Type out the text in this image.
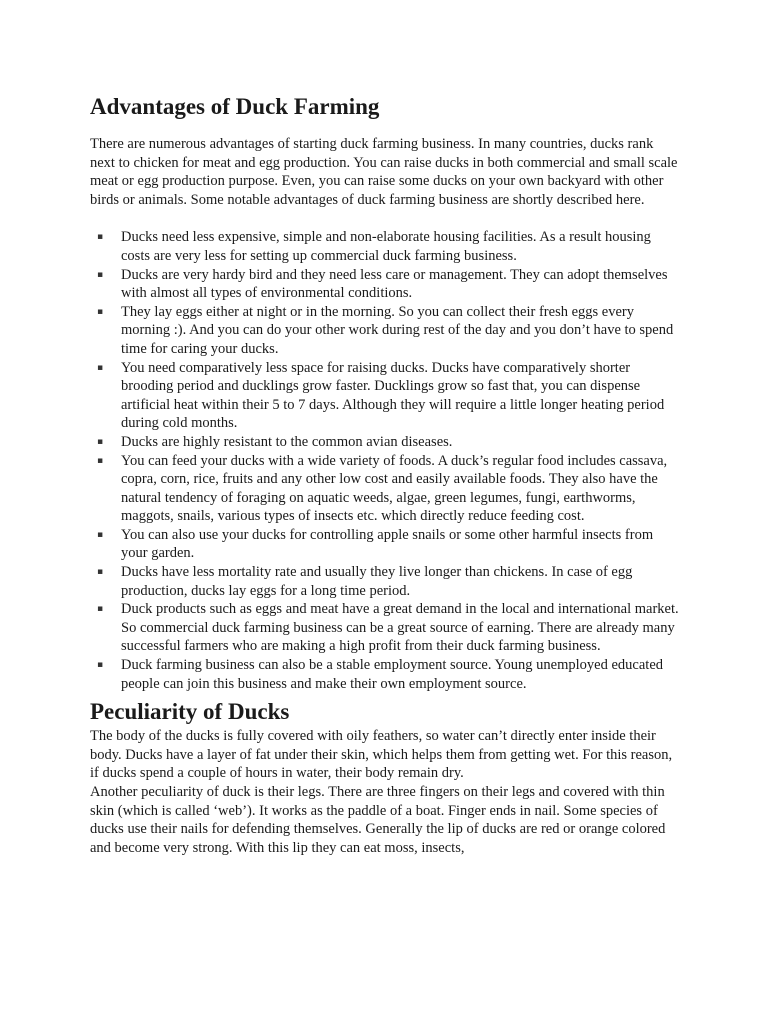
Advantages of Duck Farming

There are numerous advantages of starting duck farming business. In many countries, ducks rank next to chicken for meat and egg production. You can raise ducks in both commercial and small scale meat or egg production purpose. Even, you can raise some ducks on your own backyard with other birds or animals. Some notable advantages of duck farming business are shortly described here.

▪ Ducks need less expensive, simple and non-elaborate housing facilities. As a result housing costs are very less for setting up commercial duck farming business.
▪ Ducks are very hardy bird and they need less care or management. They can adopt themselves with almost all types of environmental conditions.
▪ They lay eggs either at night or in the morning. So you can collect their fresh eggs every morning :). And you can do your other work during rest of the day and you don’t have to spend time for caring your ducks.
▪ You need comparatively less space for raising ducks. Ducks have comparatively shorter brooding period and ducklings grow faster. Ducklings grow so fast that, you can dispense artificial heat within their 5 to 7 days. Although they will require a little longer heating period during cold months.
▪ Ducks are highly resistant to the common avian diseases.
▪ You can feed your ducks with a wide variety of foods. A duck’s regular food includes cassava, copra, corn, rice, fruits and any other low cost and easily available foods. They also have the natural tendency of foraging on aquatic weeds, algae, green legumes, fungi, earthworms, maggots, snails, various types of insects etc. which directly reduce feeding cost.
▪ You can also use your ducks for controlling apple snails or some other harmful insects from your garden.
▪ Ducks have less mortality rate and usually they live longer than chickens. In case of egg production, ducks lay eggs for a long time period.
▪ Duck products such as eggs and meat have a great demand in the local and international market. So commercial duck farming business can be a great source of earning. There are already many successful farmers who are making a high profit from their duck farming business.
▪ Duck farming business can also be a stable employment source. Young unemployed educated people can join this business and make their own employment source.
Peculiarity of Ducks

The body of the ducks is fully covered with oily feathers, so water can’t directly enter inside their body. Ducks have a layer of fat under their skin, which helps them from getting wet. For this reason, if ducks spend a couple of hours in water, their body remain dry.

Another peculiarity of duck is their legs. There are three fingers on their legs and covered with thin skin (which is called ‘web’). It works as the paddle of a boat. Finger ends in nail. Some species of ducks use their nails for defending themselves. Generally the lip of ducks are red or orange colored and become very strong. With this lip they can eat moss, insects,
